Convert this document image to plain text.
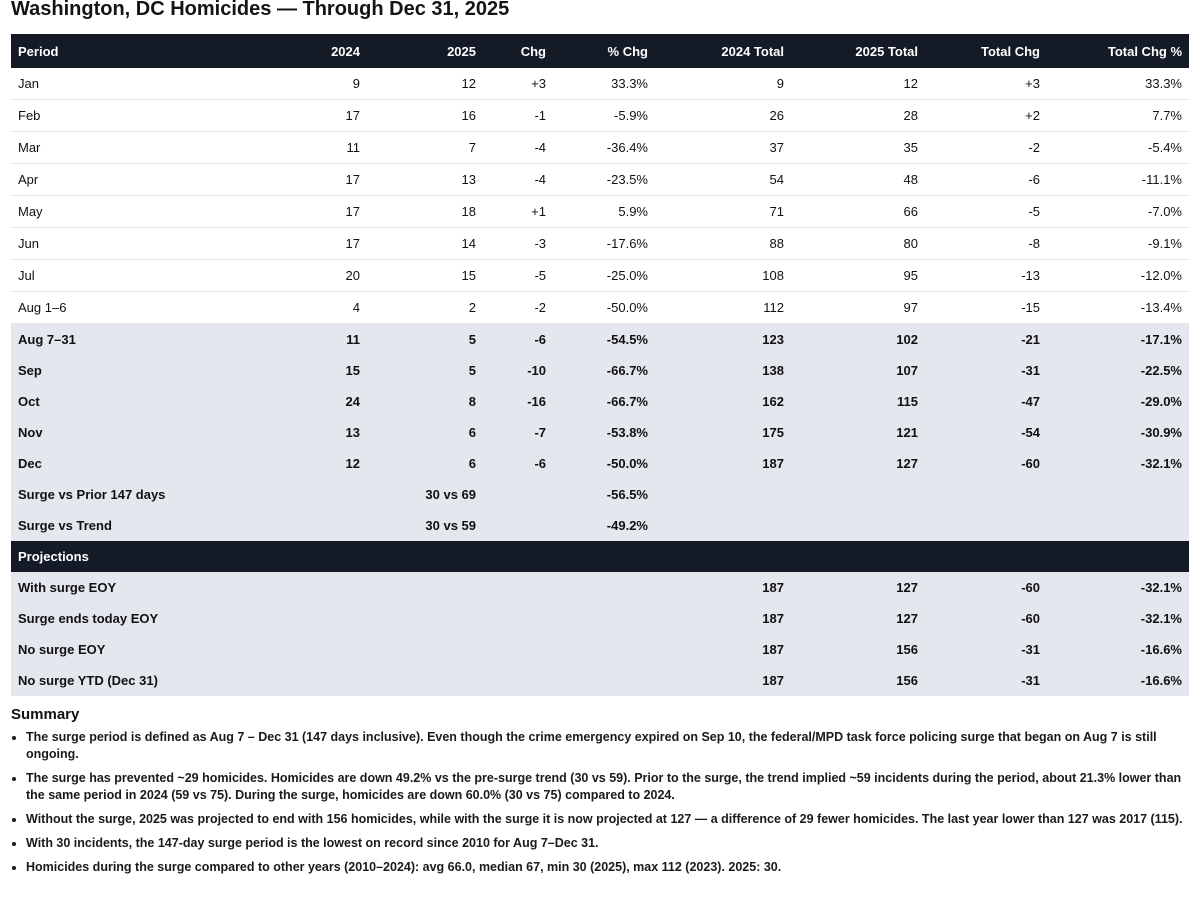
Washington, DC Homicides — Through Dec 31, 2025
Period	2024	2025	Chg	% Chg	2024 Total	2025 Total	Total Chg	Total Chg %
Jan	9	12	+3	33.3%	9	12	+3	33.3%
Feb	17	16	-1	-5.9%	26	28	+2	7.7%
Mar	11	7	-4	-36.4%	37	35	-2	-5.4%
Apr	17	13	-4	-23.5%	54	48	-6	-11.1%
May	17	18	+1	5.9%	71	66	-5	-7.0%
Jun	17	14	-3	-17.6%	88	80	-8	-9.1%
Jul	20	15	-5	-25.0%	108	95	-13	-12.0%
Aug 1–6	4	2	-2	-50.0%	112	97	-15	-13.4%
Aug 7–31	11	5	-6	-54.5%	123	102	-21	-17.1%
Sep	15	5	-10	-66.7%	138	107	-31	-22.5%
Oct	24	8	-16	-66.7%	162	115	-47	-29.0%
Nov	13	6	-7	-53.8%	175	121	-54	-30.9%
Dec	12	6	-6	-50.0%	187	127	-60	-32.1%
Surge vs Prior 147 days		30 vs 69		-56.5%				
Surge vs Trend		30 vs 59		-49.2%				
Projections								
With surge EOY					187	127	-60	-32.1%
Surge ends today EOY					187	127	-60	-32.1%
No surge EOY					187	156	-31	-16.6%
No surge YTD (Dec 31)					187	156	-31	-16.6%
Summary
• The surge period is defined as Aug 7 – Dec 31 (147 days inclusive). Even though the crime emergency expired on Sep 10, the federal/MPD task force policing surge that began on Aug 7 is still ongoing.
• The surge has prevented ~29 homicides. Homicides are down 49.2% vs the pre-surge trend (30 vs 59). Prior to the surge, the trend implied ~59 incidents during the period, about 21.3% lower than the same period in 2024 (59 vs 75). During the surge, homicides are down 60.0% (30 vs 75) compared to 2024.
• Without the surge, 2025 was projected to end with 156 homicides, while with the surge it is now projected at 127 — a difference of 29 fewer homicides. The last year lower than 127 was 2017 (115).
• With 30 incidents, the 147-day surge period is the lowest on record since 2010 for Aug 7–Dec 31.
• Homicides during the surge compared to other years (2010–2024): avg 66.0, median 67, min 30 (2025), max 112 (2023). 2025: 30.
